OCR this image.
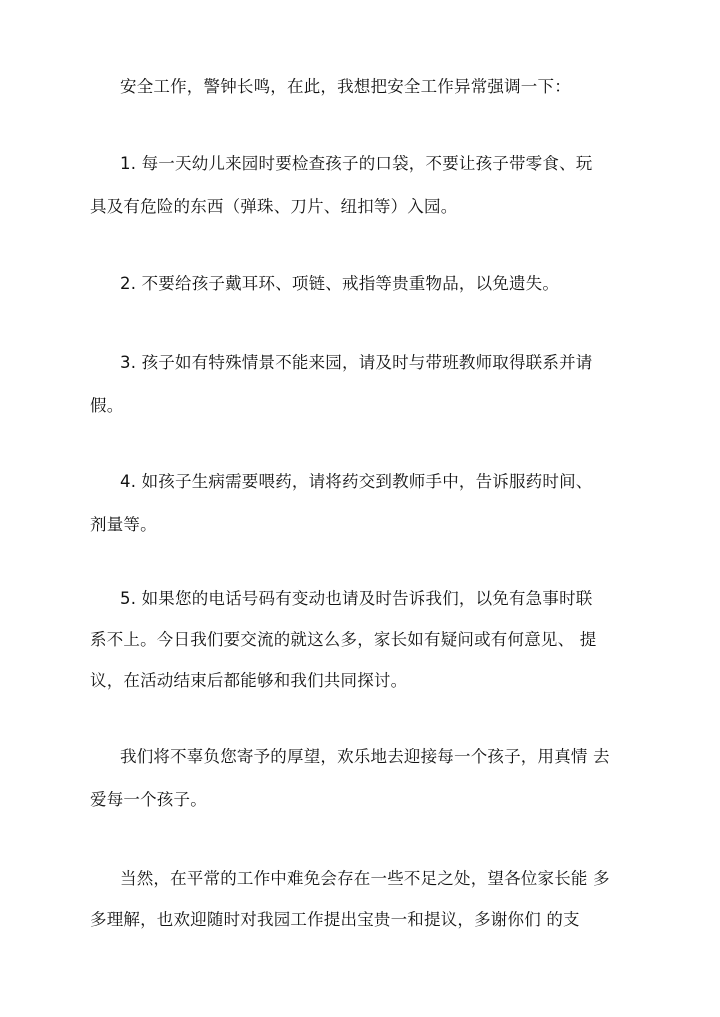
安全工作，警钟长鸣，在此，我想把安全工作异常强调一下：
1. 每一天幼儿来园时要检查孩子的口袋，不要让孩子带零食、玩
具及有危险的东西（弹珠、刀片、纽扣等）入园。
2. 不要给孩子戴耳环、项链、戒指等贵重物品，以免遗失。
3. 孩子如有特殊情景不能来园，请及时与带班教师取得联系并请
假。
4. 如孩子生病需要喂药，请将药交到教师手中，告诉服药时间、
剂量等。
5. 如果您的电话号码有变动也请及时告诉我们，以免有急事时联
系不上。今日我们要交流的就这么多，家长如有疑问或有何意见、 提
议，在活动结束后都能够和我们共同探讨。
我们将不辜负您寄予的厚望，欢乐地去迎接每一个孩子，用真情 去
爱每一个孩子。
当然，在平常的工作中难免会存在一些不足之处，望各位家长能 多
多理解，也欢迎随时对我园工作提出宝贵一和提议，多谢你们 的支
